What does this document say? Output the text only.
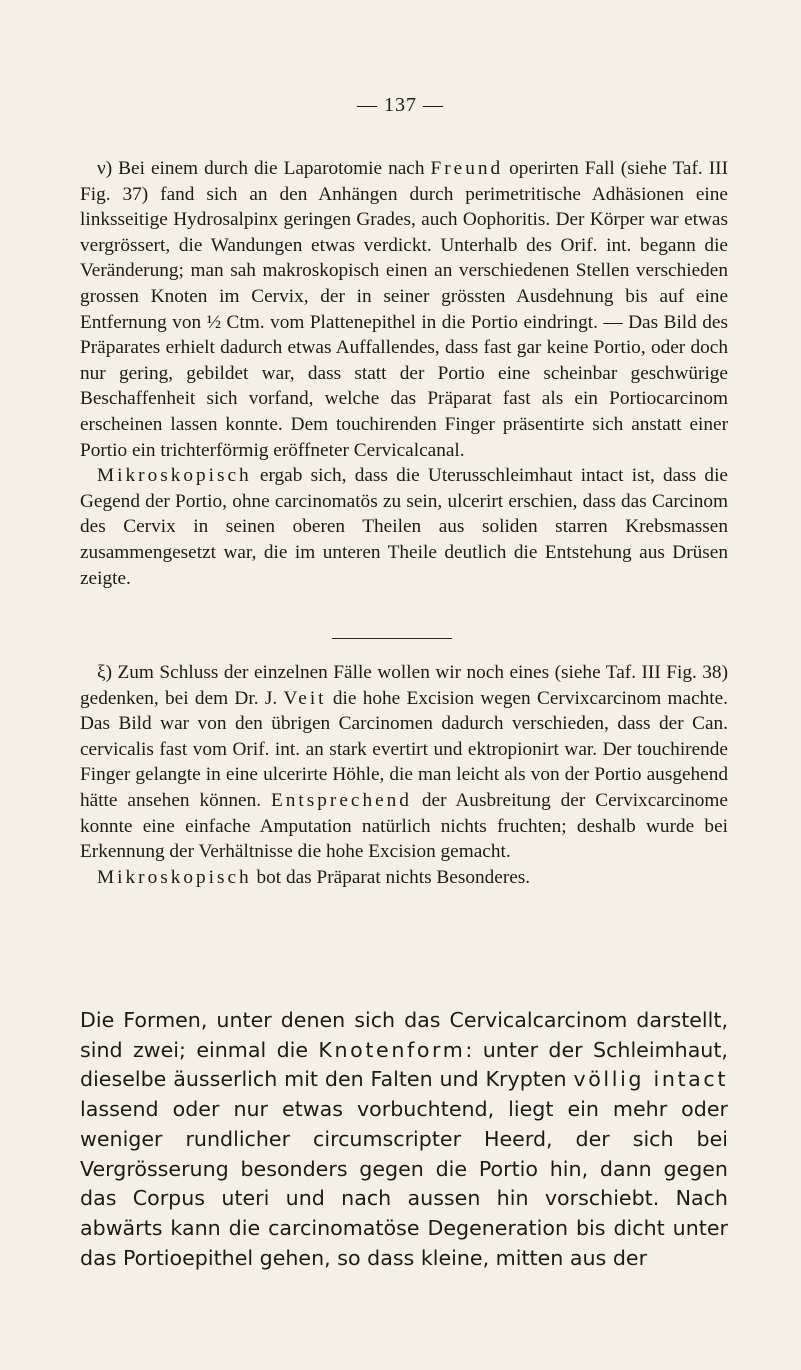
— 137 —

ν) Bei einem durch die Laparotomie nach Freund operirten Fall (siehe Taf. III Fig. 37) fand sich an den Anhängen durch perimetritische Adhäsionen eine linksseitige Hydrosalpinx geringen Grades, auch Oophoritis. Der Körper war etwas vergrössert, die Wandungen etwas verdickt. Unterhalb des Orif. int. begann die Veränderung; man sah makroskopisch einen an verschiedenen Stellen verschieden grossen Knoten im Cervix, der in seiner grössten Ausdehnung bis auf eine Entfernung von ½ Ctm. vom Plattenepithel in die Portio eindringt. — Das Bild des Präparates erhielt dadurch etwas Auffallendes, dass fast gar keine Portio, oder doch nur gering, gebildet war, dass statt der Portio eine scheinbar geschwürige Beschaffenheit sich vorfand, welche das Präparat fast als ein Portiocarcinom erscheinen lassen konnte. Dem touchirenden Finger präsentirte sich anstatt einer Portio ein trichterförmig eröffneter Cervicalcanal.

Mikroskopisch ergab sich, dass die Uterusschleimhaut intact ist, dass die Gegend der Portio, ohne carcinomatös zu sein, ulcerirt erschien, dass das Carcinom des Cervix in seinen oberen Theilen aus soliden starren Krebsmassen zusammengesetzt war, die im unteren Theile deutlich die Entstehung aus Drüsen zeigte.

ξ) Zum Schluss der einzelnen Fälle wollen wir noch eines (siehe Taf. III Fig. 38) gedenken, bei dem Dr. J. Veit die hohe Excision wegen Cervixcarcinom machte. Das Bild war von den übrigen Carcinomen dadurch verschieden, dass der Can. cervicalis fast vom Orif. int. an stark evertirt und ektropionirt war. Der touchirende Finger gelangte in eine ulcerirte Höhle, die man leicht als von der Portio ausgehend hätte ansehen können. Entsprechend der Ausbreitung der Cervixcarcinome konnte eine einfache Amputation natürlich nichts fruchten; deshalb wurde bei Erkennung der Verhältnisse die hohe Excision gemacht.

Mikroskopisch bot das Präparat nichts Besonderes.

Die Formen, unter denen sich das Cervicalcarcinom darstellt, sind zwei; einmal die Knotenform: unter der Schleimhaut, dieselbe äusserlich mit den Falten und Krypten völlig intact lassend oder nur etwas vorbuchtend, liegt ein mehr oder weniger rundlicher circumscripter Heerd, der sich bei Vergrösserung besonders gegen die Portio hin, dann gegen das Corpus uteri und nach aussen hin vorschiebt. Nach abwärts kann die carcinomatöse Degeneration bis dicht unter das Portioepithel gehen, so dass kleine, mitten aus der
